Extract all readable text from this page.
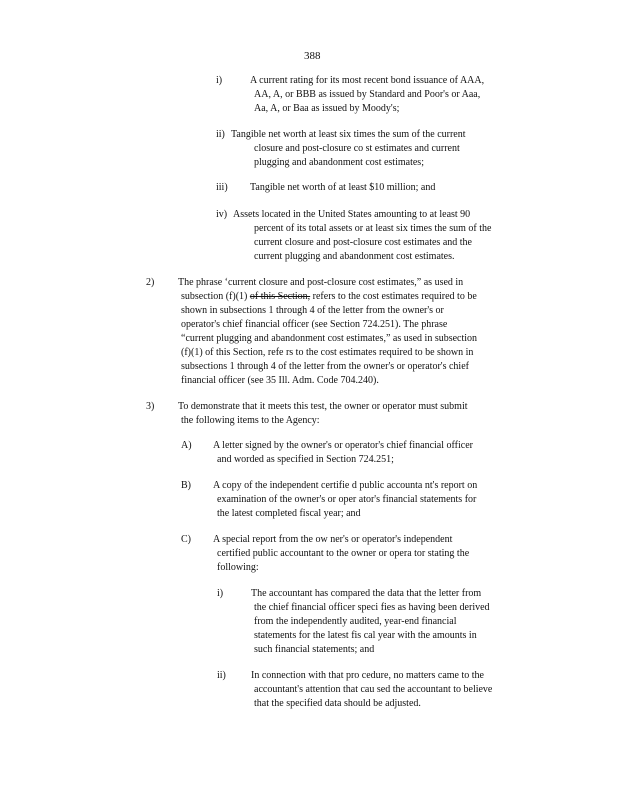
388
i)	A current rating for its most recent bond issuance of AAA,
AA, A, or BBB as issued by Standard and Poor's or Aaa,
Aa, A, or Baa as issued by Moody's;
ii) Tangible net worth at least six times the sum of the current
closure and post-closure co st estimates and current
plugging and abandonment cost estimates;
iii) Tangible net worth of at least $10 million; and
iv) Assets located in the United States amounting to at least 90
percent of its total assets or at least six times the sum of the
current closure and post-closure cost estimates and the
current plugging and abandonment cost estimates.
2) The phrase ‘current closure and post-closure cost estimates,” as used in
subsection (f)(1) of this Section, refers to the cost estimates required to be
shown in subsections 1 through 4 of the letter from the owner's or
operator's chief financial officer (see Section 724.251). The phrase
“current plugging and abandonment cost estimates,” as used in subsection
(f)(1) of this Section, refe rs to the cost estimates required to be shown in
subsections 1 through 4 of the letter from the owner's or operator's chief
financial officer (see 35 Ill. Adm. Code 704.240).
3) To demonstrate that it meets this test, the owner or operator must submit
the following items to the Agency:
A) A letter signed by the owner's or operator's chief financial officer
and worded as specified in Section 724.251;
B) A copy of the independent certifie d public accounta nt's report on
examination of the owner's or oper ator's financial statements for
the latest completed fiscal year; and
C) A special report from the ow ner's or operator's independent
certified public accountant to the owner or opera tor stating the
following:
i)	The accountant has compared the data that the letter from
the chief financial officer speci fies as having been derived
from the independently audited, year-end financial
statements for the latest fis cal year with the amounts in
such financial statements; and
ii)	In connection with that pro cedure, no matters came to the
accountant's attention that cau sed the accountant to believe
that the specified data should be adjusted.
